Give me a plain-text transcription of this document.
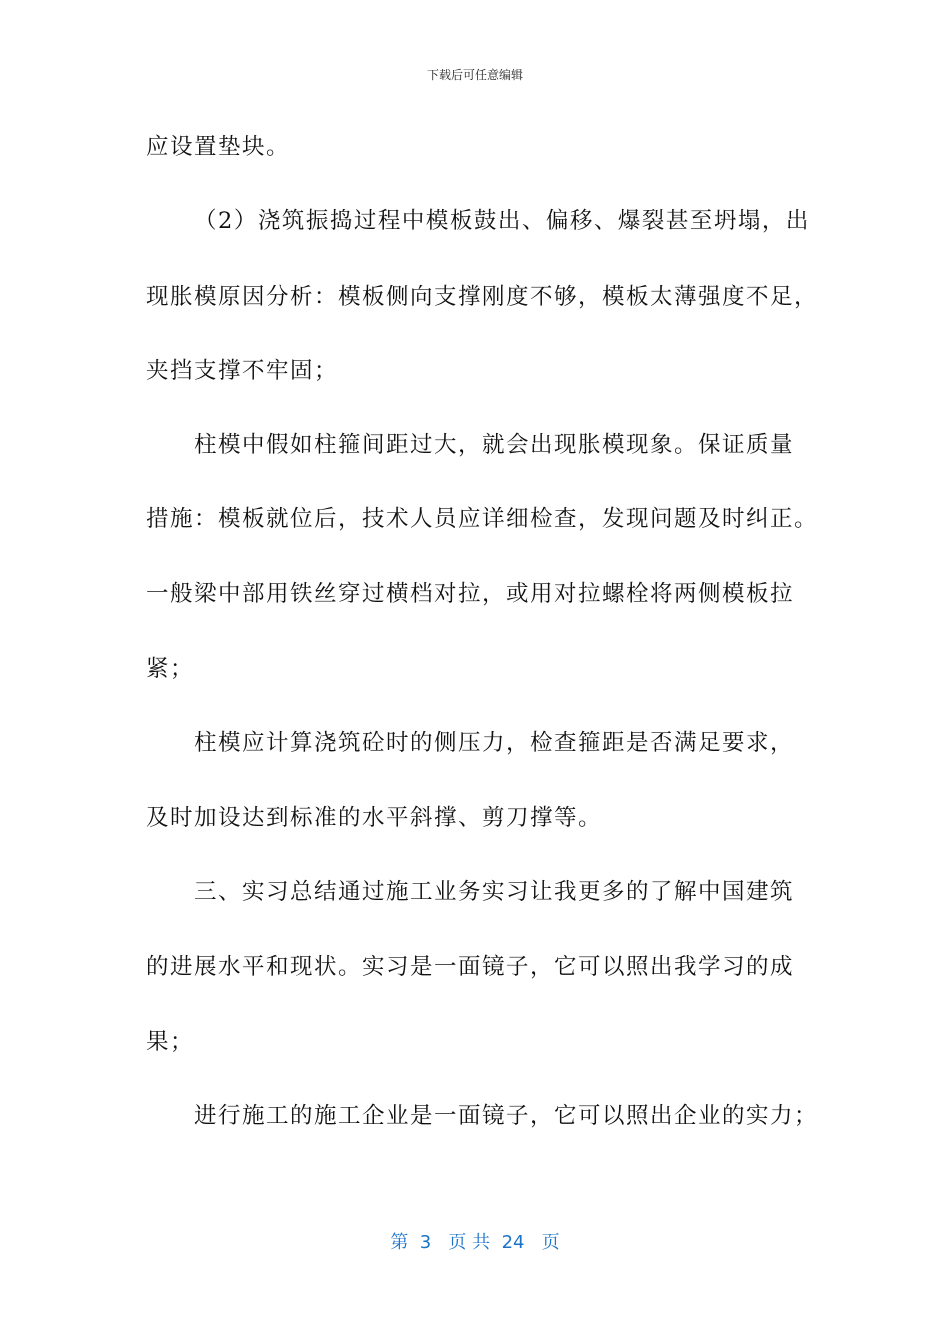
下载后可任意编辑
应设置垫块。
（2）浇筑振捣过程中模板鼓出、偏移、爆裂甚至坍塌，出
现胀模原因分析：模板侧向支撑刚度不够，模板太薄强度不足，
夹挡支撑不牢固；
柱模中假如柱箍间距过大，就会出现胀模现象。保证质量
措施：模板就位后，技术人员应详细检查，发现问题及时纠正。
一般梁中部用铁丝穿过横档对拉，或用对拉螺栓将两侧模板拉
紧；
柱模应计算浇筑砼时的侧压力，检查箍距是否满足要求，
及时加设达到标准的水平斜撑、剪刀撑等。
三、实习总结通过施工业务实习让我更多的了解中国建筑
的进展水平和现状。实习是一面镜子，它可以照出我学习的成
果；
进行施工的施工企业是一面镜子，它可以照出企业的实力；
第  3   页 共  24   页
